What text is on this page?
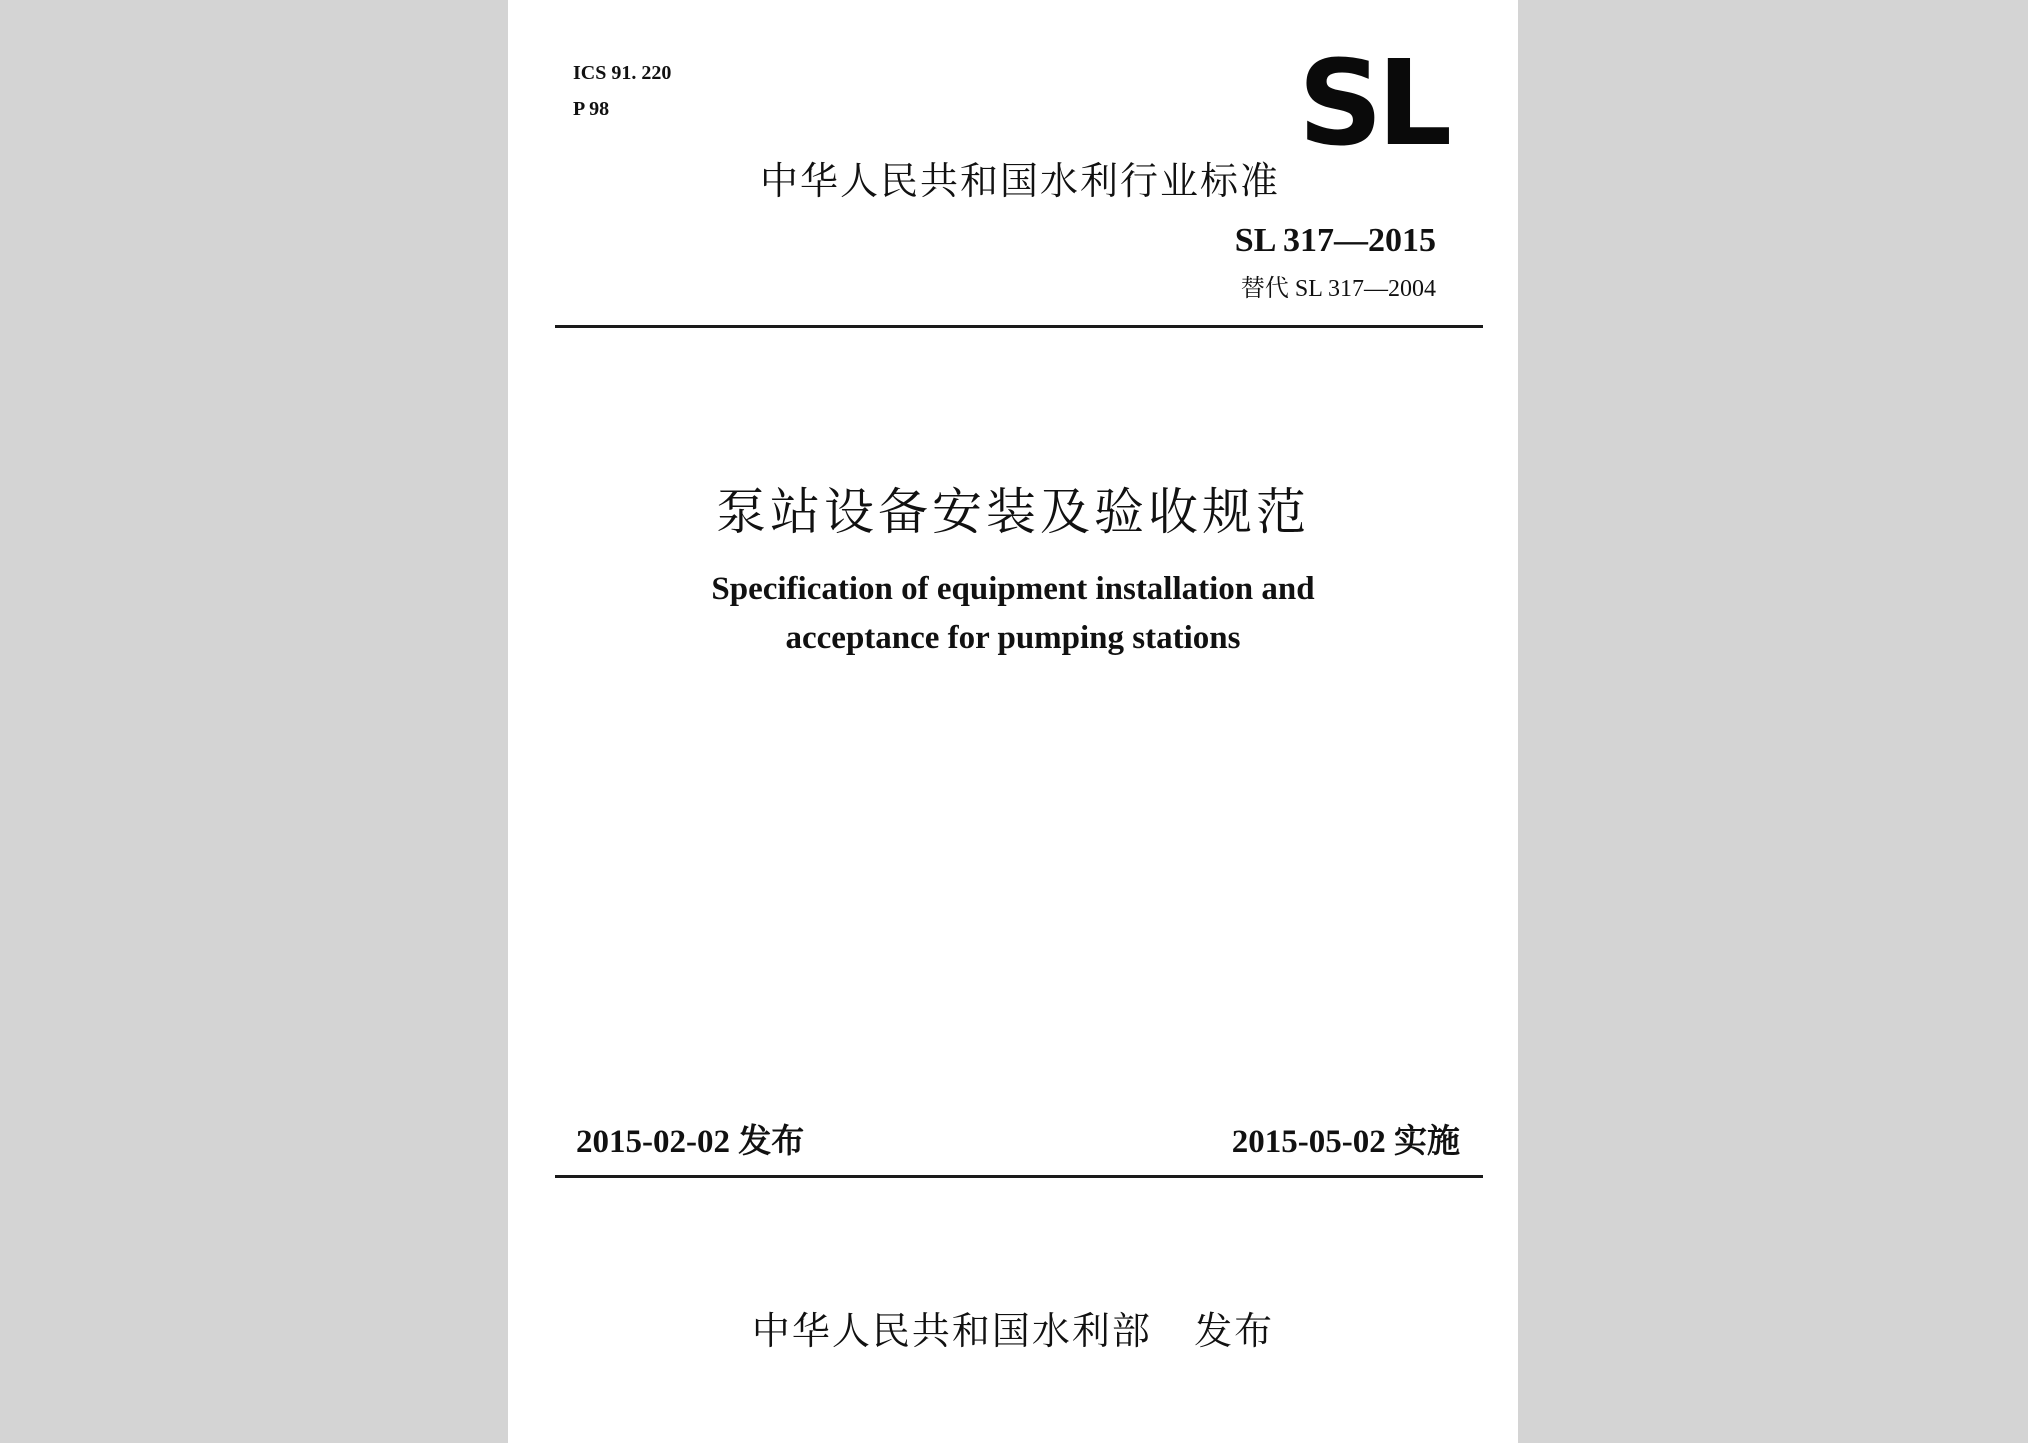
ICS 91. 220
P 98	SL
中华人民共和国水利行业标准
SL 317—2015
替代 SL 317—2004
泵站设备安装及验收规范
Specification of equipment installation and
acceptance for pumping stations
2015-02-02 发布	2015-05-02 实施
中华人民共和国水利部   发布
